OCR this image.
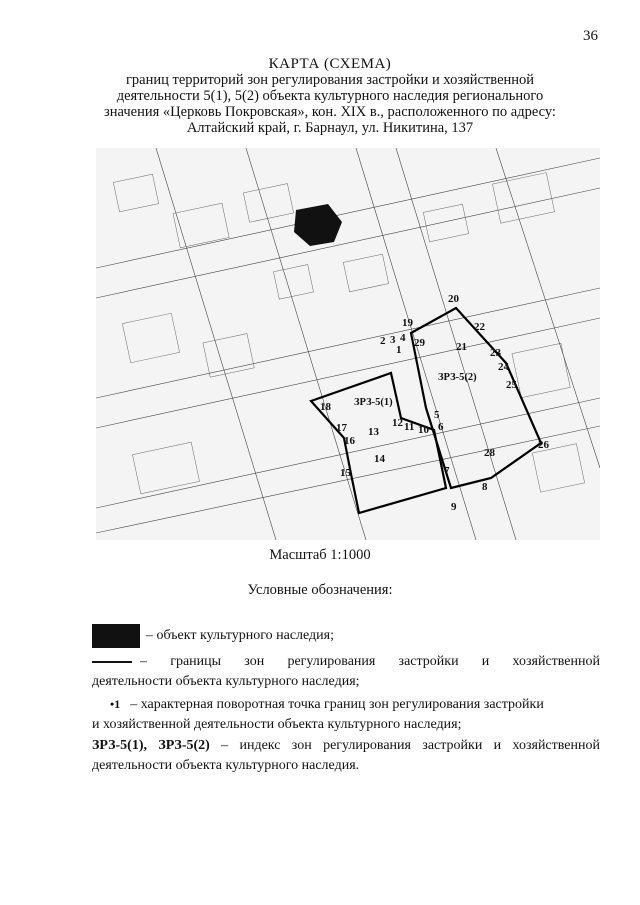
36
КАРТА (СХЕМА)
границ территорий зон регулирования застройки и хозяйственной
деятельности 5(1), 5(2) объекта культурного наследия регионального
значения «Церковь Покровская», кон. XIX в., расположенного по адресу:
Алтайский край, г. Барнаул, ул. Никитина, 137
ЗРЗ-5(1)
ЗРЗ-5(2)
1
2 3 4
5
6
7
8
9
10
11
12
13
14
15
16
17
18
19
20
21
22
23
24
25
26
28
29
Масштаб 1:1000
Условные обозначения:

– объект культурного наследия;

– границы зон регулирования застройки и хозяйственной

деятельности объекта культурного наследия;

•1 – характерная поворотная точка границ зон регулирования застройки

и хозяйственной деятельности объекта культурного наследия;

ЗРЗ-5(1), ЗРЗ-5(2) – индекс зон регулирования застройки и хозяйственной

деятельности объекта культурного наследия.
